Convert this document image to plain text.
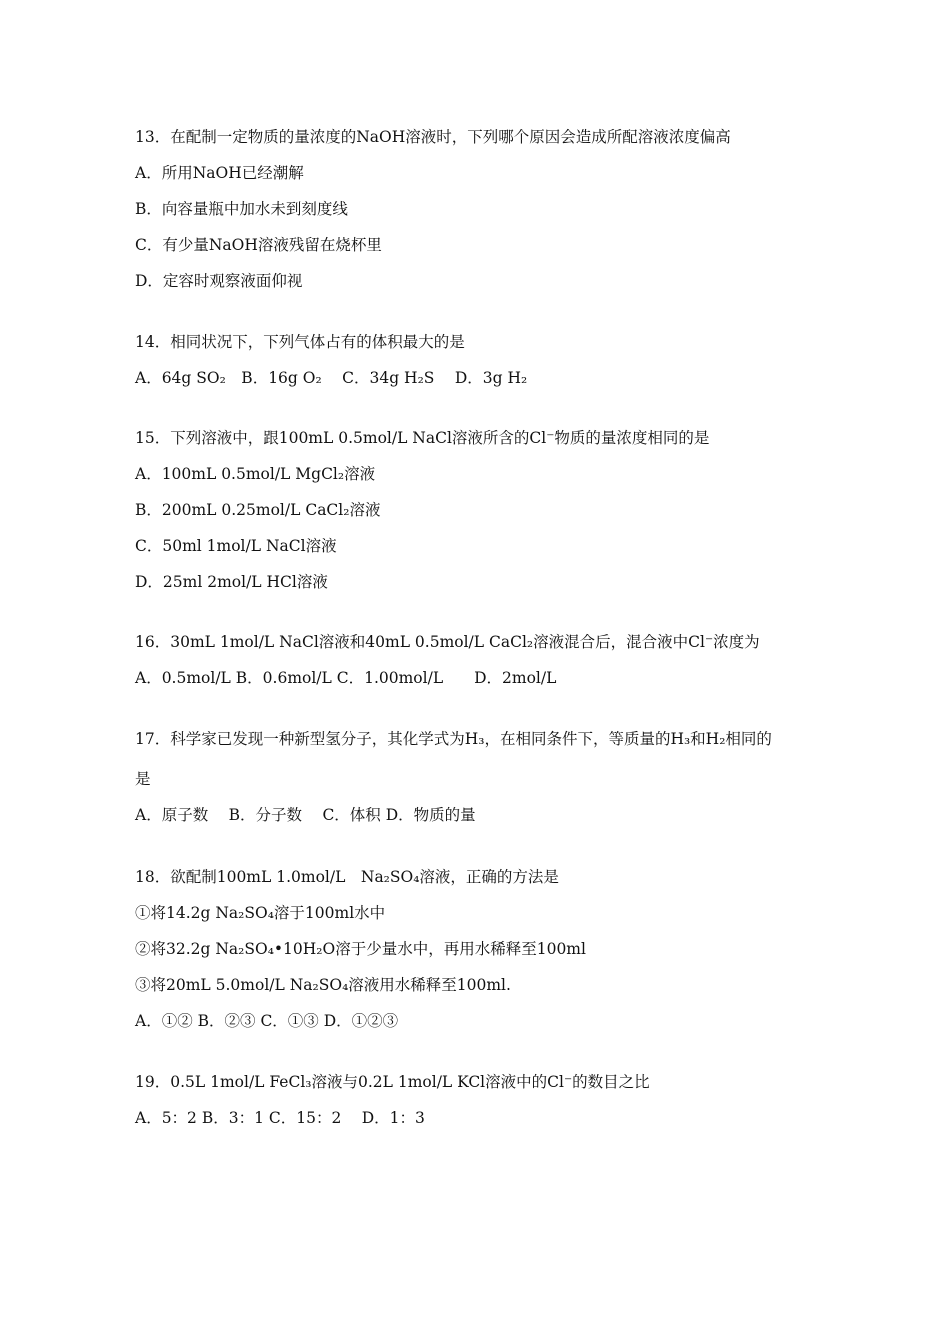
13．在配制一定物质的量浓度的NaOH溶液时，下列哪个原因会造成所配溶液浓度偏高
A．所用NaOH已经潮解
B．向容量瓶中加水未到刻度线
C．有少量NaOH溶液残留在烧杯里
D．定容时观察液面仰视
14．相同状况下，下列气体占有的体积最大的是
A．64g SO₂　B．16g O₂　 C．34g H₂S　 D．3g H₂
15．下列溶液中，跟100mL 0.5mol/L NaCl溶液所含的Cl⁻物质的量浓度相同的是
A．100mL 0.5mol/L MgCl₂溶液
B．200mL 0.25mol/L CaCl₂溶液
C．50ml 1mol/L NaCl溶液
D．25ml 2mol/L HCl溶液
16．30mL 1mol/L NaCl溶液和40mL 0.5mol/L CaCl₂溶液混合后，混合液中Cl⁻浓度为
A．0.5mol/L B．0.6mol/L C．1.00mol/L　　D．2mol/L
17．科学家已发现一种新型氢分子，其化学式为H₃，在相同条件下，等质量的H₃和H₂相同的
是
A．原子数　 B．分子数　 C．体积 D．物质的量
18．欲配制100mL 1.0mol/L　Na₂SO₄溶液，正确的方法是
①将14.2g Na₂SO₄溶于100ml水中
②将32.2g Na₂SO₄•10H₂O溶于少量水中，再用水稀释至100ml
③将20mL 5.0mol/L Na₂SO₄溶液用水稀释至100ml.
A．①② B．②③ C．①③ D．①②③
19．0.5L 1mol/L FeCl₃溶液与0.2L 1mol/L KCl溶液中的Cl⁻的数目之比
A．5：2 B．3：1 C．15：2　 D．1：3
